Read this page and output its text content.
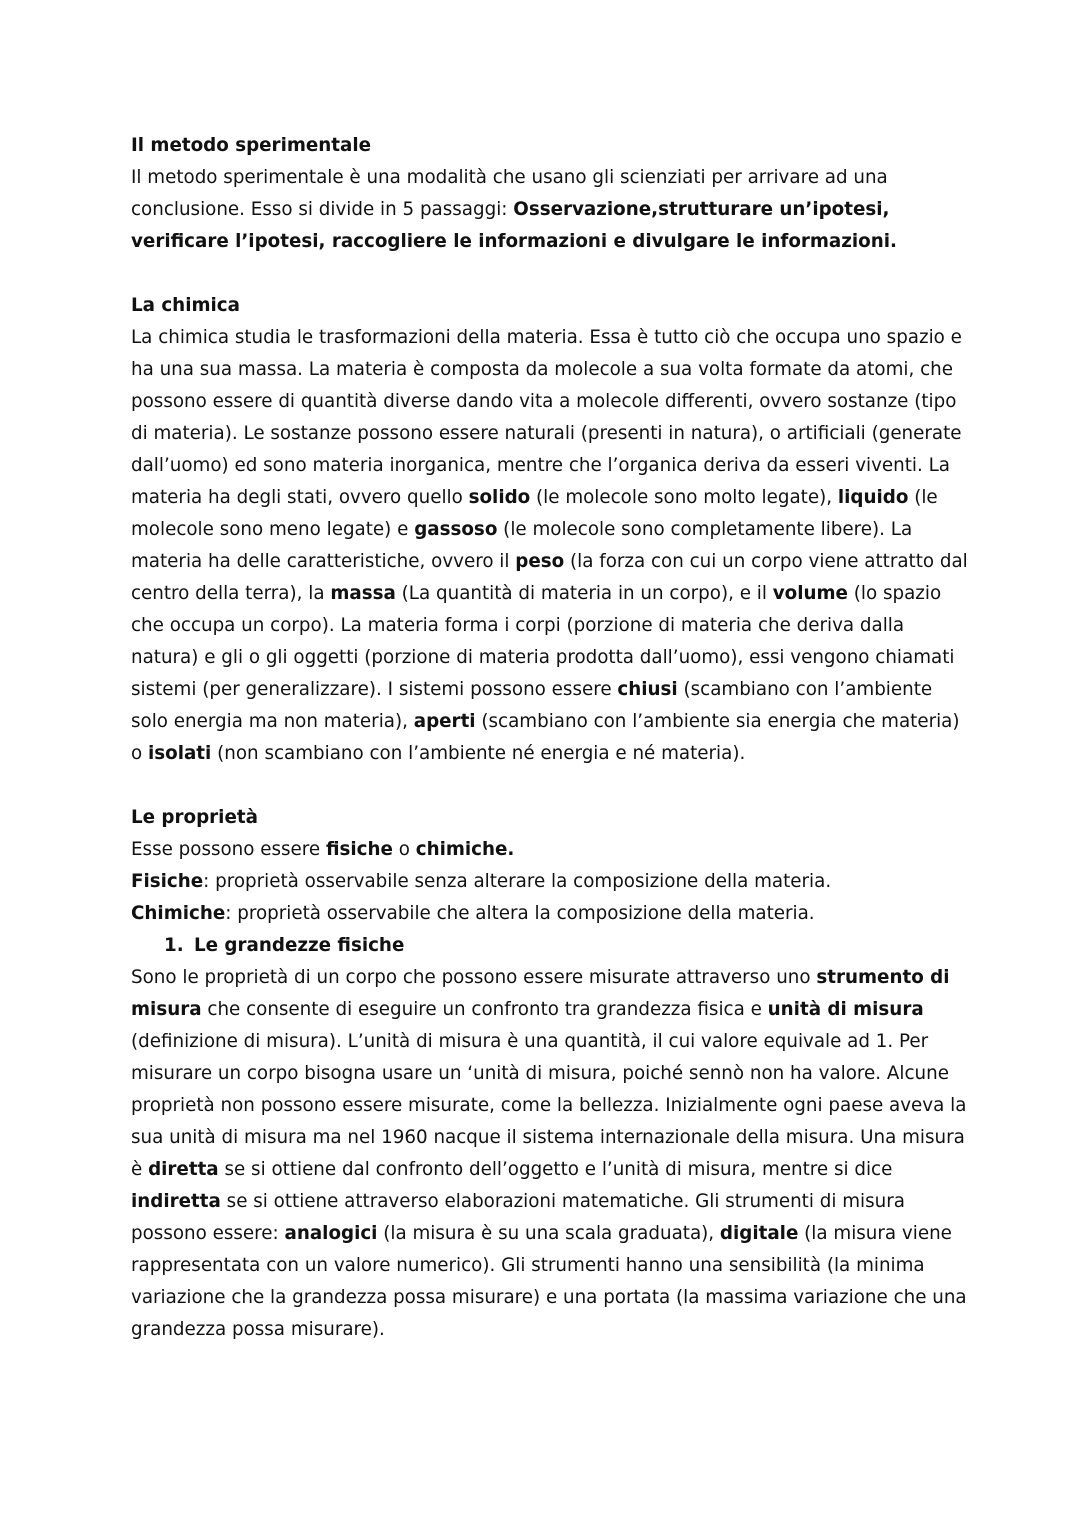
Il metodo sperimentale

Il metodo sperimentale è una modalità che usano gli scienziati per arrivare ad una conclusione. Esso si divide in 5 passaggi: Osservazione,strutturare un’ipotesi, verificare l’ipotesi, raccogliere le informazioni e divulgare le informazioni.

La chimica

La chimica studia le trasformazioni della materia. Essa è tutto ciò che occupa uno spazio e ha una sua massa. La materia è composta da molecole a sua volta formate da atomi, che possono essere di quantità diverse dando vita a molecole differenti, ovvero sostanze (tipo di materia). Le sostanze possono essere naturali (presenti in natura), o artificiali (generate dall’uomo) ed sono materia inorganica, mentre che l’organica deriva da esseri viventi. La materia ha degli stati, ovvero quello solido (le molecole sono molto legate), liquido (le molecole sono meno legate) e gassoso (le molecole sono completamente libere). La materia ha delle caratteristiche, ovvero il peso (la forza con cui un corpo viene attratto dal centro della terra), la massa (La quantità di materia in un corpo), e il volume (lo spazio che occupa un corpo). La materia forma i corpi (porzione di materia che deriva dalla natura) e gli o gli oggetti (porzione di materia prodotta dall’uomo), essi vengono chiamati sistemi (per generalizzare). I sistemi possono essere chiusi (scambiano con l’ambiente solo energia ma non materia), aperti (scambiano con l’ambiente sia energia che materia) o isolati (non scambiano con l’ambiente né energia e né materia).

Le proprietà

Esse possono essere fisiche o chimiche.

Fisiche: proprietà osservabile senza alterare la composizione della materia.

Chimiche: proprietà osservabile che altera la composizione della materia.

1. Le grandezze fisiche

Sono le proprietà di un corpo che possono essere misurate attraverso uno strumento di misura che consente di eseguire un confronto tra grandezza fisica e unità di misura (definizione di misura). L’unità di misura è una quantità, il cui valore equivale ad 1. Per misurare un corpo bisogna usare un ‘unità di misura, poiché sennò non ha valore. Alcune proprietà non possono essere misurate, come la bellezza. Inizialmente ogni paese aveva la sua unità di misura ma nel 1960 nacque il sistema internazionale della misura. Una misura è diretta se si ottiene dal confronto dell’oggetto e l’unità di misura, mentre si dice indiretta se si ottiene attraverso elaborazioni matematiche. Gli strumenti di misura possono essere: analogici (la misura è su una scala graduata), digitale (la misura viene rappresentata con un valore numerico). Gli strumenti hanno una sensibilità (la minima variazione che la grandezza possa misurare) e una portata (la massima variazione che una grandezza possa misurare).
